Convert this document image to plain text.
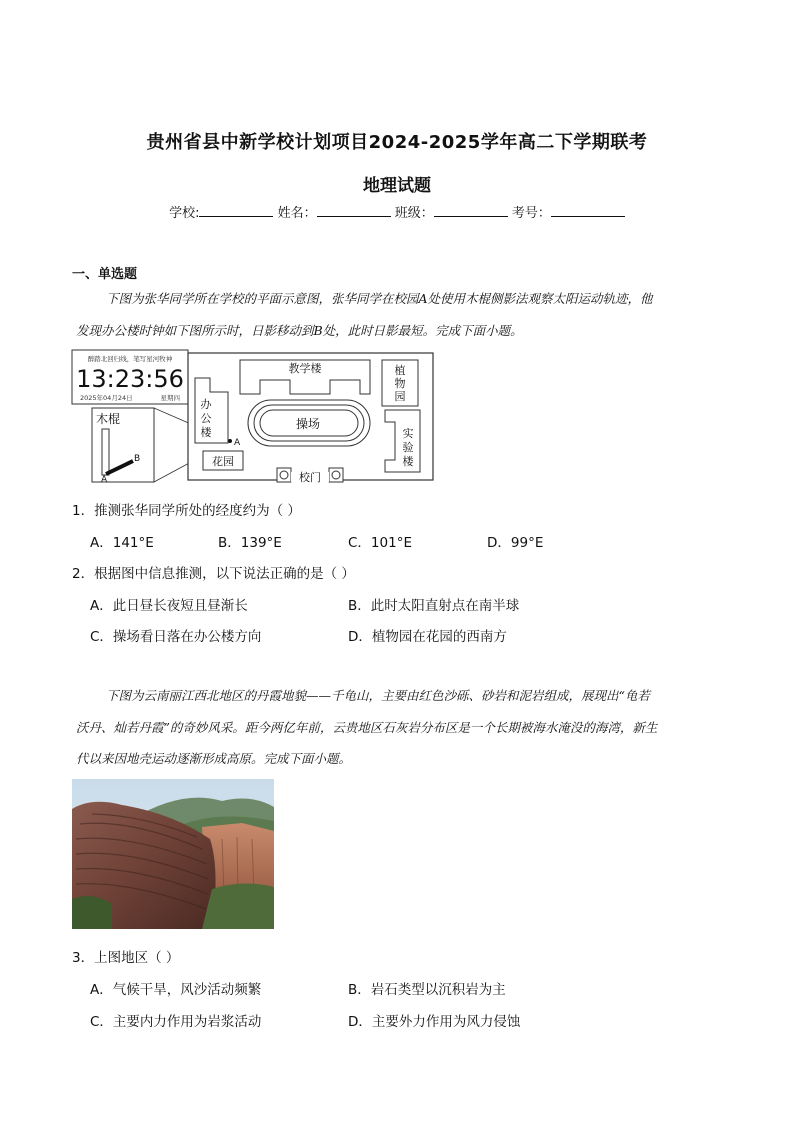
贵州省县中新学校计划项目2024-2025学年高二下学期联考
地理试题
学校:	姓名：	班级：	考号：
一、单选题
下图为张华同学所在学校的平面示意图，张华同学在校园A处使用木棍侧影法观察太阳运动轨迹，他
发现办公楼时钟如下图所示时，日影移动到B处，此时日影最短。完成下面小题。
醉踏北回归线，笔写星河牧神
13:23:56
2025年04月24日	星期四
木棍
B
A
教学楼	植
物
园
办
公
楼
操场
实
验
楼
花园
A
校门
1．推测张华同学所处的经度约为（ ）
A．141°E	B．139°E	C．101°E	D．99°E
2．根据图中信息推测，以下说法正确的是（ ）
A．此日昼长夜短且昼渐长	B．此时太阳直射点在南半球
C．操场看日落在办公楼方向	D．植物园在花园的西南方
下图为云南丽江西北地区的丹霞地貌——千龟山，主要由红色沙砾、砂岩和泥岩组成，展现出“龟若
沃丹、灿若丹霞”的奇妙风采。距今两亿年前，云贵地区石灰岩分布区是一个长期被海水淹没的海湾，新生
代以来因地壳运动逐渐形成高原。完成下面小题。
3．上图地区（ ）
A．气候干旱，风沙活动频繁	B．岩石类型以沉积岩为主
C．主要内力作用为岩浆活动	D．主要外力作用为风力侵蚀
